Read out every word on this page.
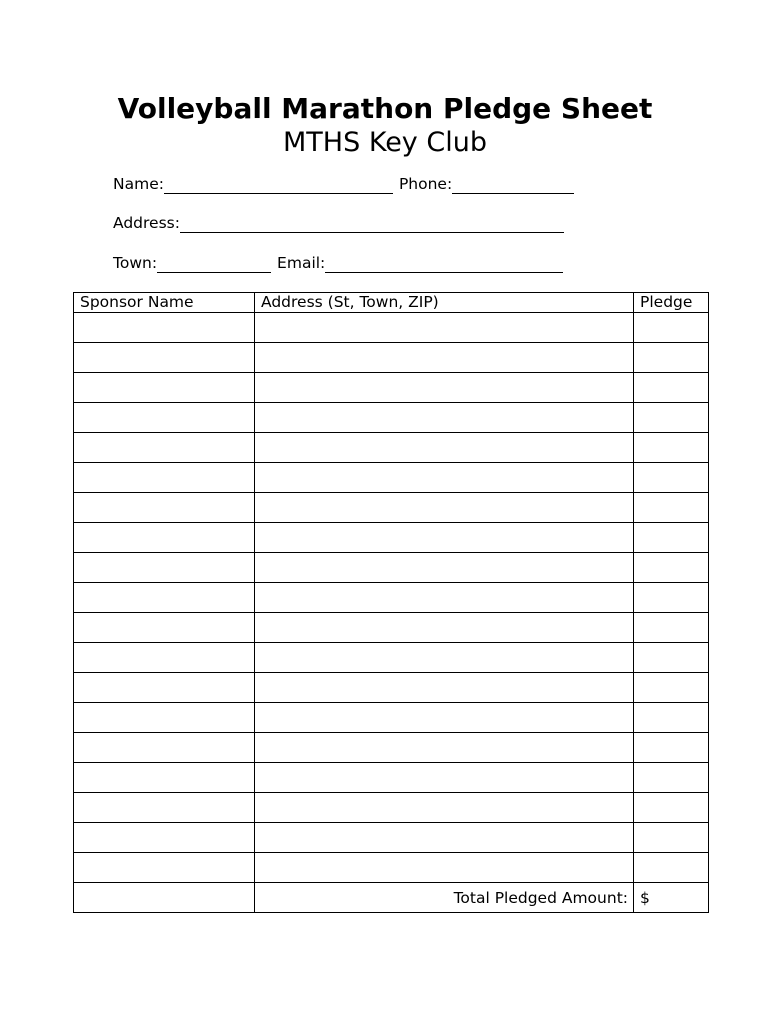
Volleyball Marathon Pledge Sheet
MTHS Key Club
Name:	Phone:
Address:
Town:	Email:
Sponsor Name	Address (St, Town, ZIP)	Pledge

	Total Pledged Amount:	$
